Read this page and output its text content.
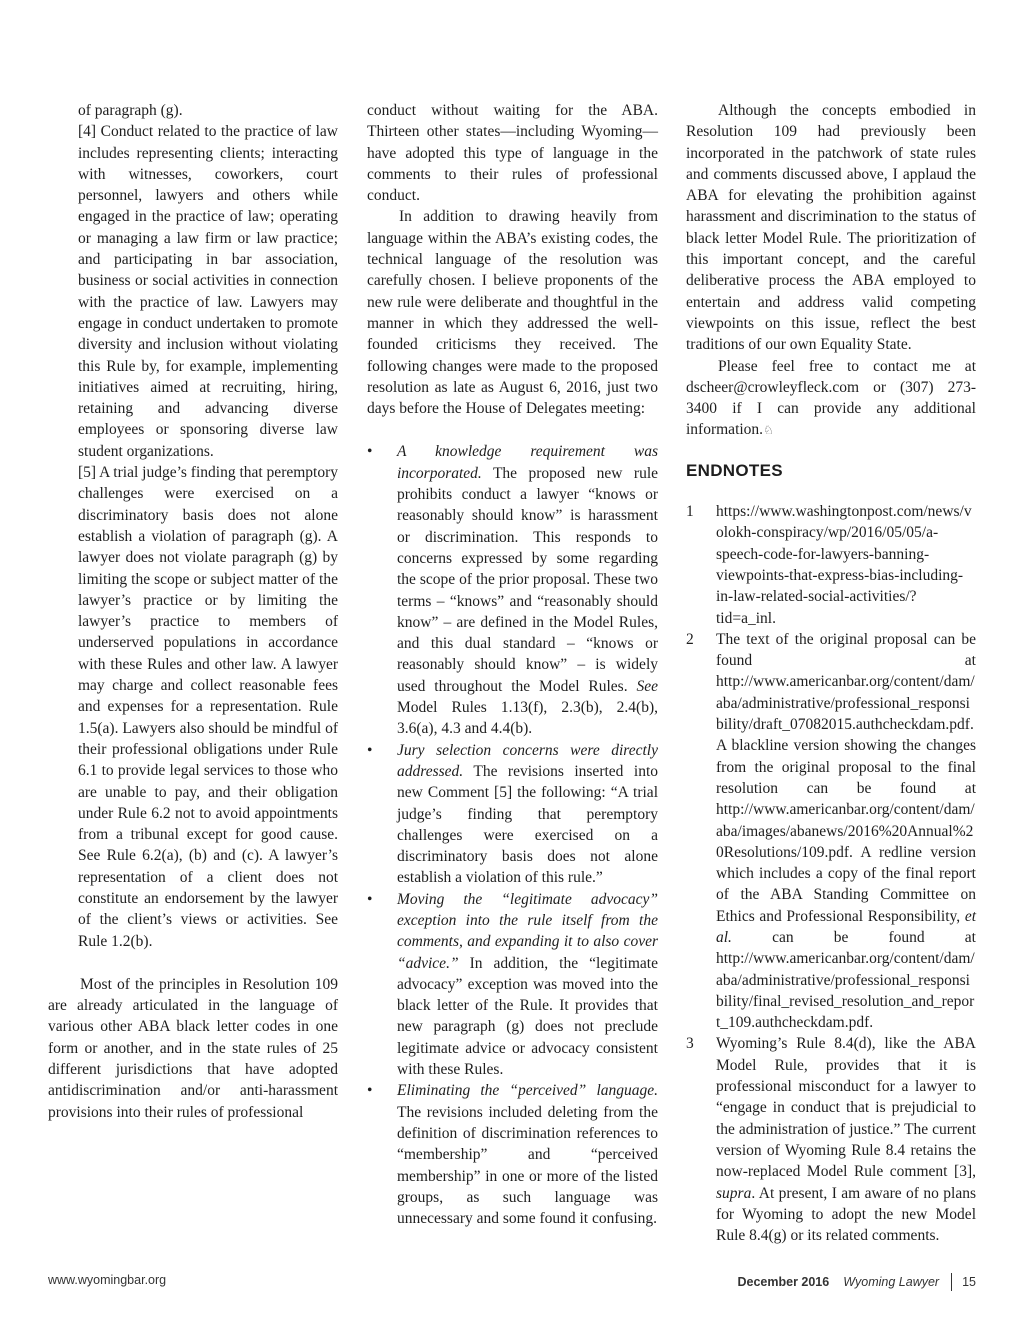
of paragraph (g).

[4] Conduct related to the practice of law includes representing clients; interacting with witnesses, coworkers, court personnel, lawyers and others while engaged in the practice of law; operating or managing a law firm or law practice; and participating in bar association, business or social activities in connection with the practice of law. Lawyers may engage in conduct undertaken to promote diversity and inclusion without violating this Rule by, for example, implementing initiatives aimed at recruiting, hiring, retaining and advancing diverse employees or sponsoring diverse law student organizations.

[5] A trial judge’s finding that peremptory challenges were exercised on a discriminatory basis does not alone establish a violation of paragraph (g). A lawyer does not violate paragraph (g) by limiting the scope or subject matter of the lawyer’s practice or by limiting the lawyer’s practice to members of underserved populations in accordance with these Rules and other law. A lawyer may charge and collect reasonable fees and expenses for a representation. Rule 1.5(a). Lawyers also should be mindful of their professional obligations under Rule 6.1 to provide legal services to those who are unable to pay, and their obligation under Rule 6.2 not to avoid appointments from a tribunal except for good cause. See Rule 6.2(a), (b) and (c). A lawyer’s representation of a client does not constitute an endorsement by the lawyer of the client’s views or activities. See Rule 1.2(b).

Most of the principles in Resolution 109 are already articulated in the language of various other ABA black letter codes in one form or another, and in the state rules of 25 different jurisdictions that have adopted antidiscrimination and/or anti-harassment provisions into their rules of professional

conduct without waiting for the ABA. Thirteen other states—including Wyoming—have adopted this type of language in the comments to their rules of professional conduct.

In addition to drawing heavily from language within the ABA’s existing codes, the technical language of the resolution was carefully chosen. I believe proponents of the new rule were deliberate and thoughtful in the manner in which they addressed the well-founded criticisms they received. The following changes were made to the proposed resolution as late as August 6, 2016, just two days before the House of Delegates meeting:

•	A knowledge requirement was incorporated. The proposed new rule prohibits conduct a lawyer “knows or reasonably should know” is harassment or discrimination. This responds to concerns expressed by some regarding the scope of the prior proposal. These two terms – “knows” and “reasonably should know” – are defined in the Model Rules, and this dual standard – “knows or reasonably should know” – is widely used throughout the Model Rules. See Model Rules 1.13(f), 2.3(b), 2.4(b), 3.6(a), 4.3 and 4.4(b).
•	Jury selection concerns were directly addressed. The revisions inserted into new Comment [5] the following: “A trial judge’s finding that peremptory challenges were exercised on a discriminatory basis does not alone establish a violation of this rule.”
•	Moving the “legitimate advocacy” exception into the rule itself from the comments, and expanding it to also cover “advice.” In addition, the “legitimate advocacy” exception was moved into the black letter of the Rule. It provides that new paragraph (g) does not preclude legitimate advice or advocacy consistent with these Rules.
•	Eliminating the “perceived” language. The revisions included deleting from the definition of discrimination references to “membership” and “perceived membership” in one or more of the listed groups, as such language was unnecessary and some found it confusing.

Although the concepts embodied in Resolution 109 had previously been incorporated in the patchwork of state rules and comments discussed above, I applaud the ABA for elevating the prohibition against harassment and discrimination to the status of black letter Model Rule. The prioritization of this important concept, and the careful deliberative process the ABA employed to entertain and address valid competing viewpoints on this issue, reflect the best traditions of our own Equality State.

Please feel free to contact me at dscheer@crowleyfleck.com or (307) 273-3400 if I can provide any additional information.♘

ENDNOTES
1 https://www.washingtonpost.com/news/volokh-conspiracy/wp/2016/05/05/a-speech-code-for-lawyers-banning-viewpoints-that-express-bias-including-in-law-related-social-activities/?tid=a_inl.
2 The text of the original proposal can be found at http://www.americanbar.org/content/dam/aba/administrative/professional_responsibility/draft_07082015.authcheckdam.pdf. A blackline version showing the changes from the original proposal to the final resolution can be found at http://www.americanbar.org/content/dam/aba/images/abanews/2016%20Annual%20Resolutions/109.pdf. A redline version which includes a copy of the final report of the ABA Standing Committee on Ethics and Professional Responsibility, et al. can be found at http://www.americanbar.org/content/dam/aba/administrative/professional_responsibility/final_revised_resolution_and_report_109.authcheckdam.pdf.
3 Wyoming’s Rule 8.4(d), like the ABA Model Rule, provides that it is professional misconduct for a lawyer to “engage in conduct that is prejudicial to the administration of justice.” The current version of Wyoming Rule 8.4 retains the now-replaced Model Rule comment [3], supra. At present, I am aware of no plans for Wyoming to adopt the new Model Rule 8.4(g) or its related comments.
www.wyomingbar.org	December 2016 Wyoming Lawyer 15
